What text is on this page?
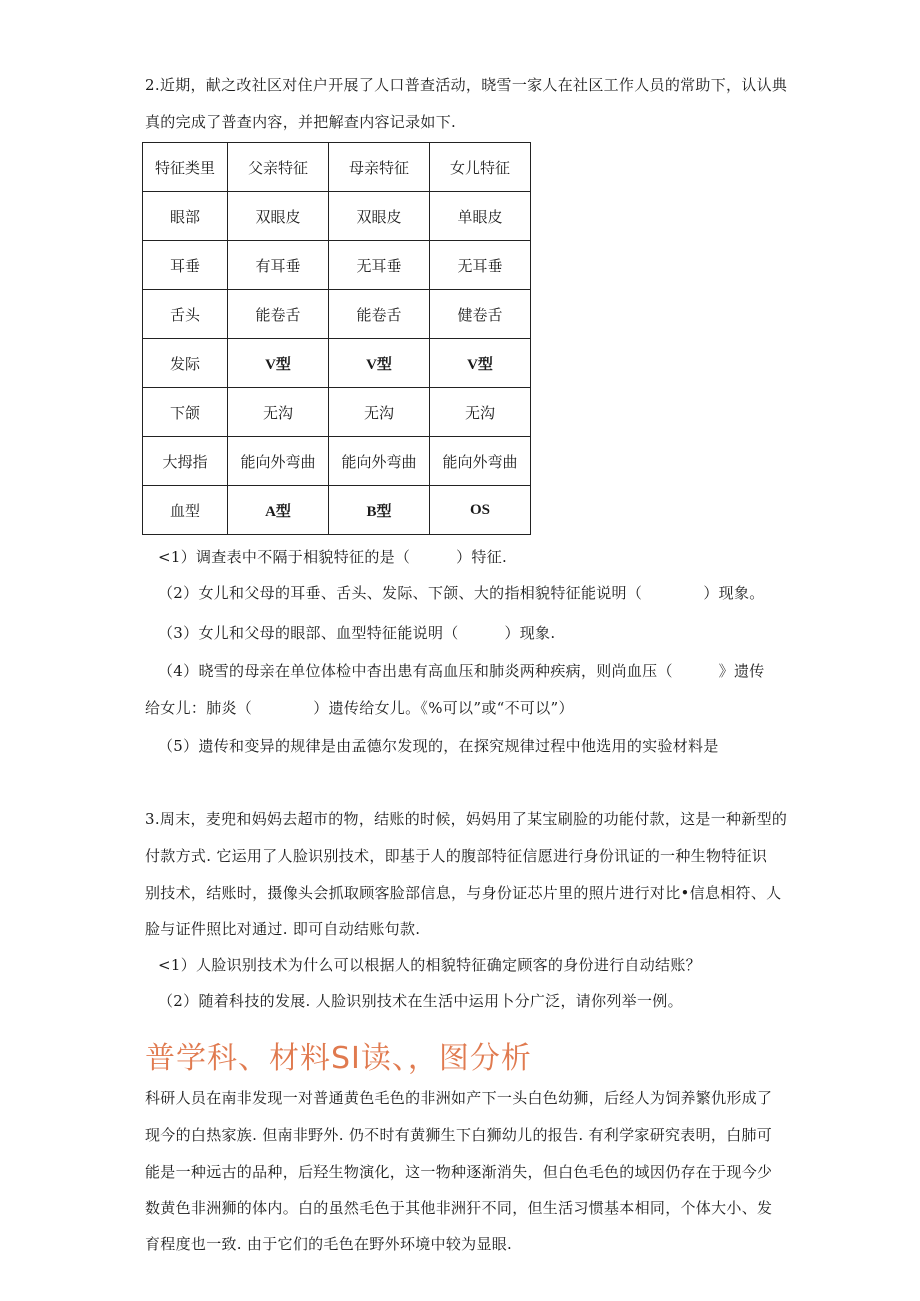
2.近期，献之改社区对住户开展了人口普查活动，晓雪一家人在社区工作人员的常助下，认认典
真的完成了普查内容，并把解查内容记录如下.
特征类里	父亲特征	母亲特征	女儿特征
眼部	双眼皮	双眼皮	单眼皮
耳垂	有耳垂	无耳垂	无耳垂
舌头	能卷舌	能卷舌	健卷舌
发际	V型	V型	V型
下颌	无沟	无沟	无沟
大拇指	能向外弯曲	能向外弯曲	能向外弯曲
血型	A型	B型	OS
<1）调查表中不隔于相貌特征的是（　　　）特征.
（2）女儿和父母的耳垂、舌头、发际、下颌、大的指相貌特征能说明（　　　　）现象。
（3）女儿和父母的眼部、血型特征能说明（　　　）现象.
（4）晓雪的母亲在单位体检中杳出患有高血压和肺炎两种疾病，则尚血压（　　　》遗传
给女儿：肺炎（　　　　）遗传给女儿。《%可以”或“不可以”）
（5）遗传和变异的规律是由孟德尔发现的，在探究规律过程中他选用的实验材料是
3.周末，麦兜和妈妈去超市的物，结账的时候，妈妈用了某宝刷脸的功能付款，这是一种新型的
付款方式. 它运用了人脸识别技术，即基于人的腹部特征信愿进行身份讯证的一种生物特征识
别技术，结账时，摄像头会抓取顾客脸部信息，与身份证芯片里的照片进行对比•信息相符、人
脸与证件照比对通过. 即可自动结账句款.
<1）人脸识别技术为什么可以根据人的相貌特征确定顾客的身份进行自动结账？
（2）随着科技的发展. 人脸识别技术在生活中运用卜分广泛，请你列举一例。
普学科、材料SI读、，图分析
科研人员在南非发现一对普通黄色毛色的非洲如产下一头白色幼狮，后经人为饲养繁仇形成了
现今的白热家族. 但南非野外. 仍不时有黄狮生下白狮幼儿的报告. 有利学家研究表明，白肺可
能是一种远古的品种，后羟生物演化，这一物种逐渐消失，但白色毛色的域因仍存在于现今少
数黄色非洲狮的体内。白的虽然毛色于其他非洲犴不同，但生活习惯基本相同，个体大小、发
育程度也一致. 由于它们的毛色在野外环境中较为显眼.
